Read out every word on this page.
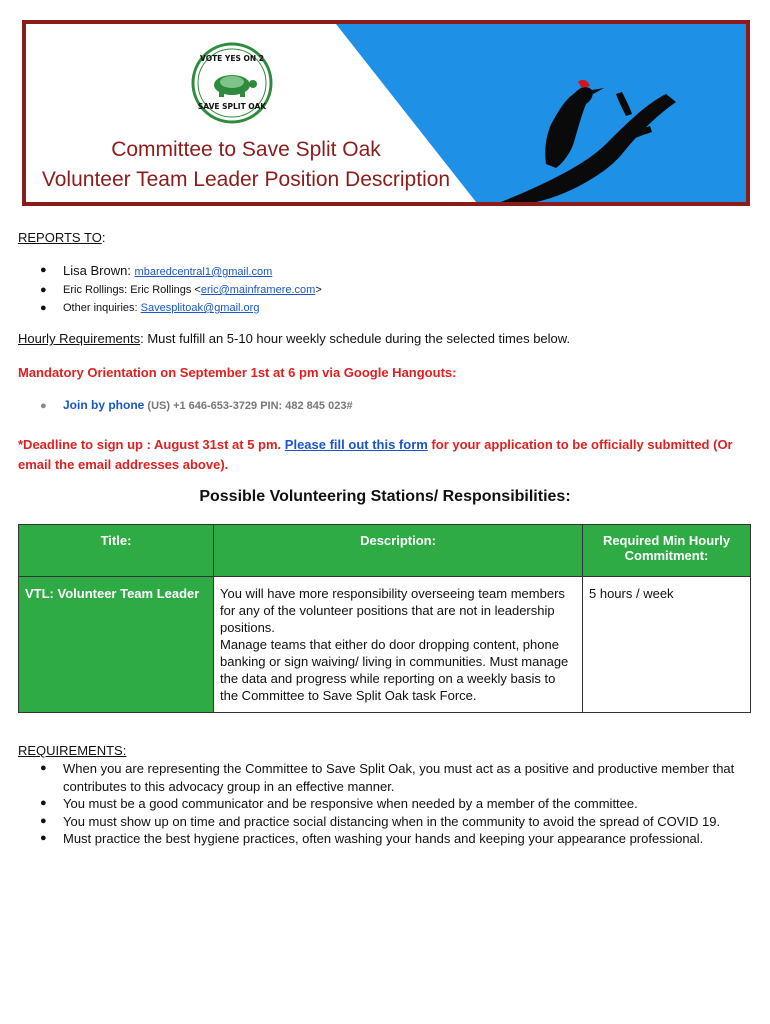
VOTE YES ON 2
SAVE SPLIT OAK
Committee to Save Split Oak
Volunteer Team Leader Position Description
REPORTS TO:
● Lisa Brown: mbaredcentral1@gmail.com
● Eric Rollings: Eric Rollings <eric@mainframere.com>
● Other inquiries: Savesplitoak@gmail.org
Hourly Requirements: Must fulfill an 5-10 hour weekly schedule during the selected times below.
Mandatory Orientation on September 1st at 6 pm via Google Hangouts:
● Join by phone (US) +1 646-653-3729 PIN: 482 845 023#
*Deadline to sign up : August 31st at 5 pm. Please fill out this form for your application to be officially submitted (Or email the email addresses above).
Possible Volunteering Stations/ Responsibilities:
Title:	Description:	Required Min Hourly Commitment:
VTL: Volunteer Team Leader	You will have more responsibility overseeing team members for any of the volunteer positions that are not in leadership positions.
Manage teams that either do door dropping content, phone banking or sign waiving/ living in communities. Must manage the data and progress while reporting on a weekly basis to the Committee to Save Split Oak task Force.	5 hours / week
REQUIREMENTS:
● When you are representing the Committee to Save Split Oak, you must act as a positive and productive member that contributes to this advocacy group in an effective manner.
● You must be a good communicator and be responsive when needed by a member of the committee.
● You must show up on time and practice social distancing when in the community to avoid the spread of COVID 19.
● Must practice the best hygiene practices, often washing your hands and keeping your appearance professional.
